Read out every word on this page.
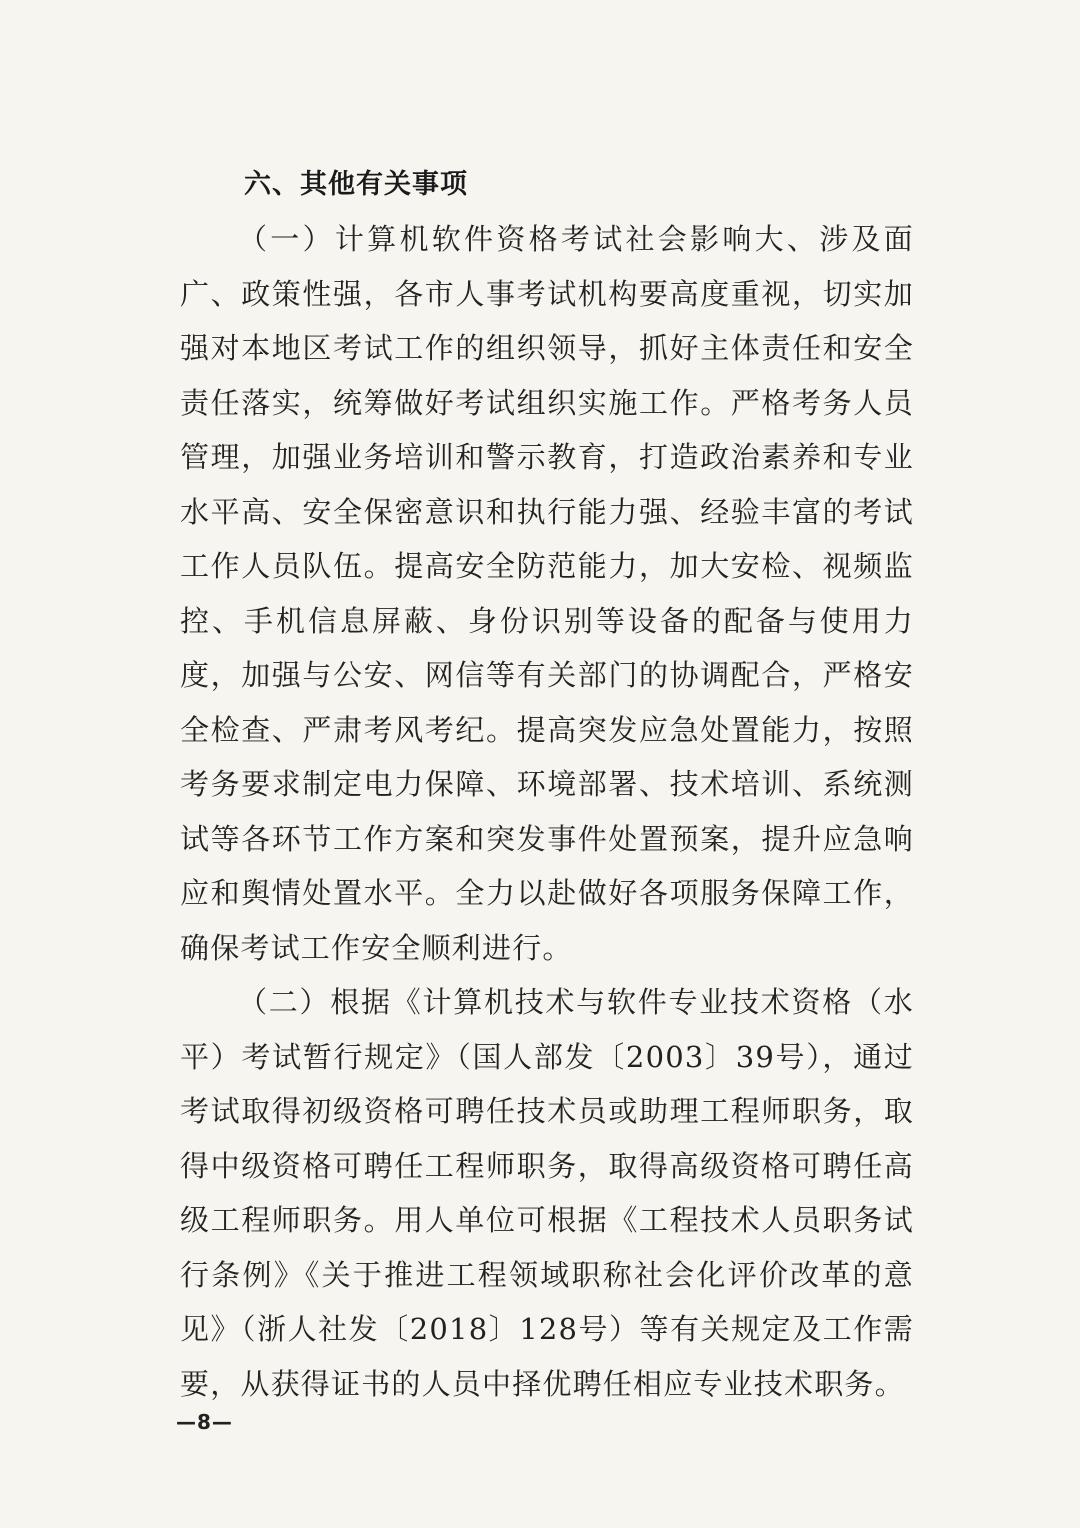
六、其他有关事项

（一）计算机软件资格考试社会影响大、涉及面广、政策性强，各市人事考试机构要高度重视，切实加强对本地区考试工作的组织领导，抓好主体责任和安全责任落实，统筹做好考试组织实施工作。严格考务人员管理，加强业务培训和警示教育，打造政治素养和专业水平高、安全保密意识和执行能力强、经验丰富的考试工作人员队伍。提高安全防范能力，加大安检、视频监控、手机信息屏蔽、身份识别等设备的配备与使用力度，加强与公安、网信等有关部门的协调配合，严格安全检查、严肃考风考纪。提高突发应急处置能力，按照考务要求制定电力保障、环境部署、技术培训、系统测试等各环节工作方案和突发事件处置预案，提升应急响应和舆情处置水平。全力以赴做好各项服务保障工作，确保考试工作安全顺利进行。

（二）根据《计算机技术与软件专业技术资格（水平）考试暂行规定》（国人部发〔2003〕39号），通过考试取得初级资格可聘任技术员或助理工程师职务，取得中级资格可聘任工程师职务，取得高级资格可聘任高级工程师职务。用人单位可根据《工程技术人员职务试行条例》《关于推进工程领域职称社会化评价改革的意见》（浙人社发〔2018〕128号）等有关规定及工作需要，从获得证书的人员中择优聘任相应专业技术职务。

—8—
